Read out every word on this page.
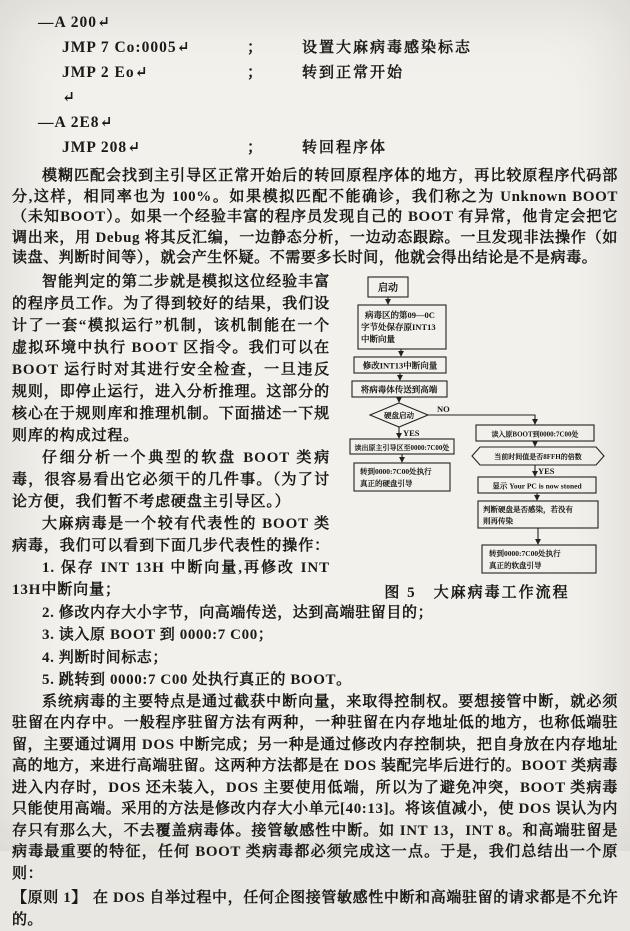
—A 200↵
JMP 7 Co:0005↵	；	设置大麻病毒感染标志
JMP 2 Eo↵	；	转到正常开始
↵
—A 2E8↵
JMP 208↵	；	转回程序体

模糊匹配会找到主引导区正常开始后的转回原程序体的地方，再比较原程序代码部分,这样，相同率也为 100%。如果模拟匹配不能确诊，我们称之为 Unknown BOOT （未知BOOT）。如果一个经验丰富的程序员发现自己的 BOOT 有异常，他肯定会把它调出来，用 Debug 将其反汇编，一边静态分析，一边动态跟踪。一旦发现非法操作（如读盘、判断时间等），就会产生怀疑。不需要多长时间，他就会得出结论是不是病毒。

智能判定的第二步就是模拟这位经验丰富的程序员工作。为了得到较好的结果，我们设计了一套“模拟运行”机制，该机制能在一个虚拟环境中执行 BOOT 区指令。我们可以在 BOOT 运行时对其进行安全检查，一旦违反规则，即停止运行，进入分析推理。这部分的核心在于规则库和推理机制。下面描述一下规则库的构成过程。

仔细分析一个典型的软盘 BOOT 类病毒，很容易看出它必须干的几件事。（为了讨论方便，我们暂不考虑硬盘主引导区。）

大麻病毒是一个较有代表性的 BOOT 类病毒，我们可以看到下面几步代表性的操作：

1. 保存 INT 13H 中断向量,再修改 INT 13H中断向量；

启动
病毒区的第09—0C
字节处保存原INT13
中断向量
修改INT13中断向量
将病毒体传送到高端
硬盘启动
NO
YES
读出原主引导区至0000:7C00处
转到0000:7C00处执行
真正的硬盘引导
读入原BOOT到0000:7C00处
当前时间值是否8FFH的倍数
YES
显示 Your PC is now stoned
判断硬盘是否感染，若没有
则再传染
转到0000:7C00处执行
真正的软盘引导
图 5　大麻病毒工作流程

2. 修改内存大小字节，向高端传送，达到高端驻留目的；

3. 读入原 BOOT 到 0000:7 C00；

4. 判断时间标志；

5. 跳转到 0000:7 C00 处执行真正的 BOOT。

系统病毒的主要特点是通过截获中断向量，来取得控制权。要想接管中断，就必须驻留在内存中。一般程序驻留方法有两种，一种驻留在内存地址低的地方，也称低端驻留，主要通过调用 DOS 中断完成；另一种是通过修改内存控制块，把自身放在内存地址高的地方，来进行高端驻留。这两种方法都是在 DOS 装配完毕后进行的。BOOT 类病毒进入内存时，DOS 还未装入，DOS 主要使用低端，所以为了避免冲突，BOOT 类病毒只能使用高端。采用的方法是修改内存大小单元[40:13]。将该值减小，使 DOS 误认为内存只有那么大，不去覆盖病毒体。接管敏感性中断。如 INT 13，INT 8。和高端驻留是病毒最重要的特征，任何 BOOT 类病毒都必须完成这一点。于是，我们总结出一个原则：

【原则 1】 在 DOS 自举过程中，任何企图接管敏感性中断和高端驻留的请求都是不允许的。
